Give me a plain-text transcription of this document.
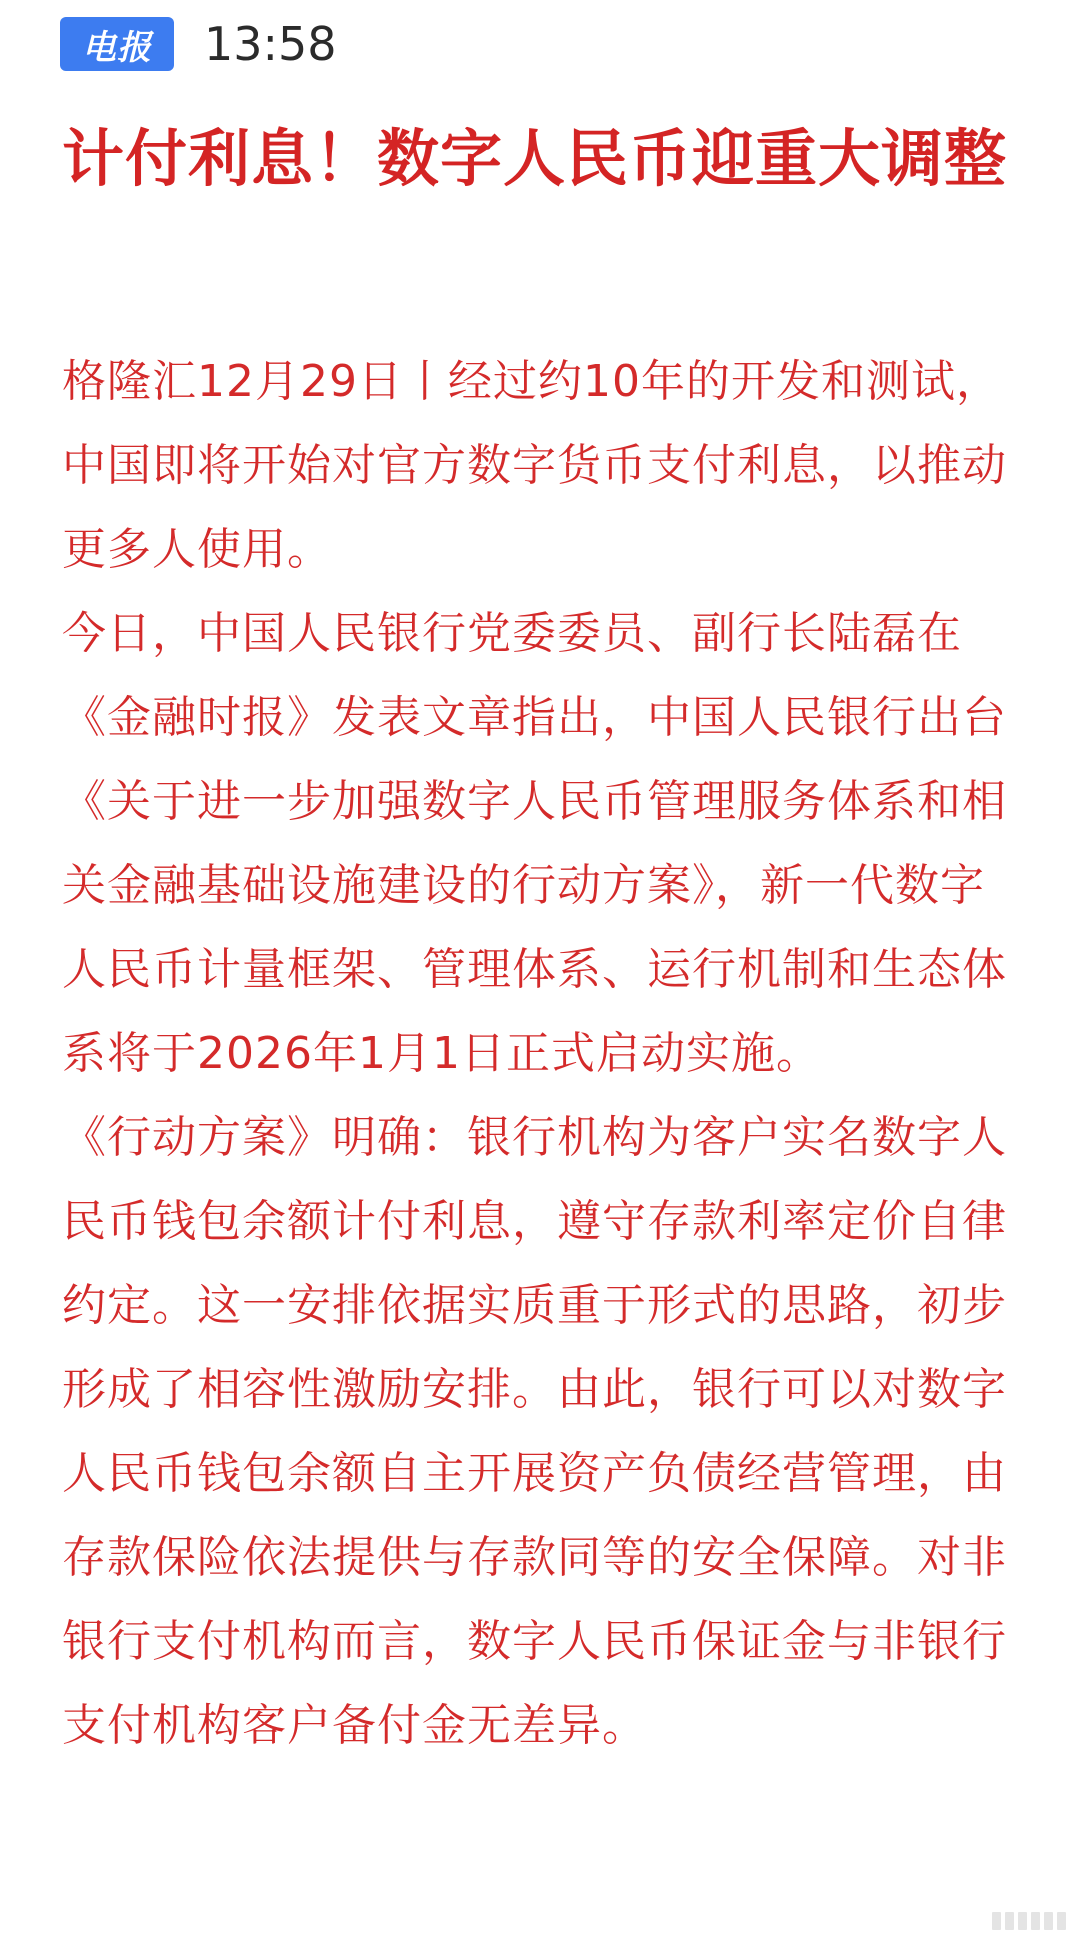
电报	13:58
计付利息！数字人民币迎重大调整

格隆汇12月29日丨经过约10年的开发和测试，中国即将开始对官方数字货币支付利息，以推动更多人使用。

今日，中国人民银行党委委员、副行长陆磊在《金融时报》发表文章指出，中国人民银行出台《关于进一步加强数字人民币管理服务体系和相关金融基础设施建设的行动方案》，新一代数字人民币计量框架、管理体系、运行机制和生态体系将于2026年1月1日正式启动实施。

《行动方案》明确：银行机构为客户实名数字人民币钱包余额计付利息，遵守存款利率定价自律约定。这一安排依据实质重于形式的思路，初步形成了相容性激励安排。由此，银行可以对数字人民币钱包余额自主开展资产负债经营管理，由存款保险依法提供与存款同等的安全保障。对非银行支付机构而言，数字人民币保证金与非银行支付机构客户备付金无差异。
